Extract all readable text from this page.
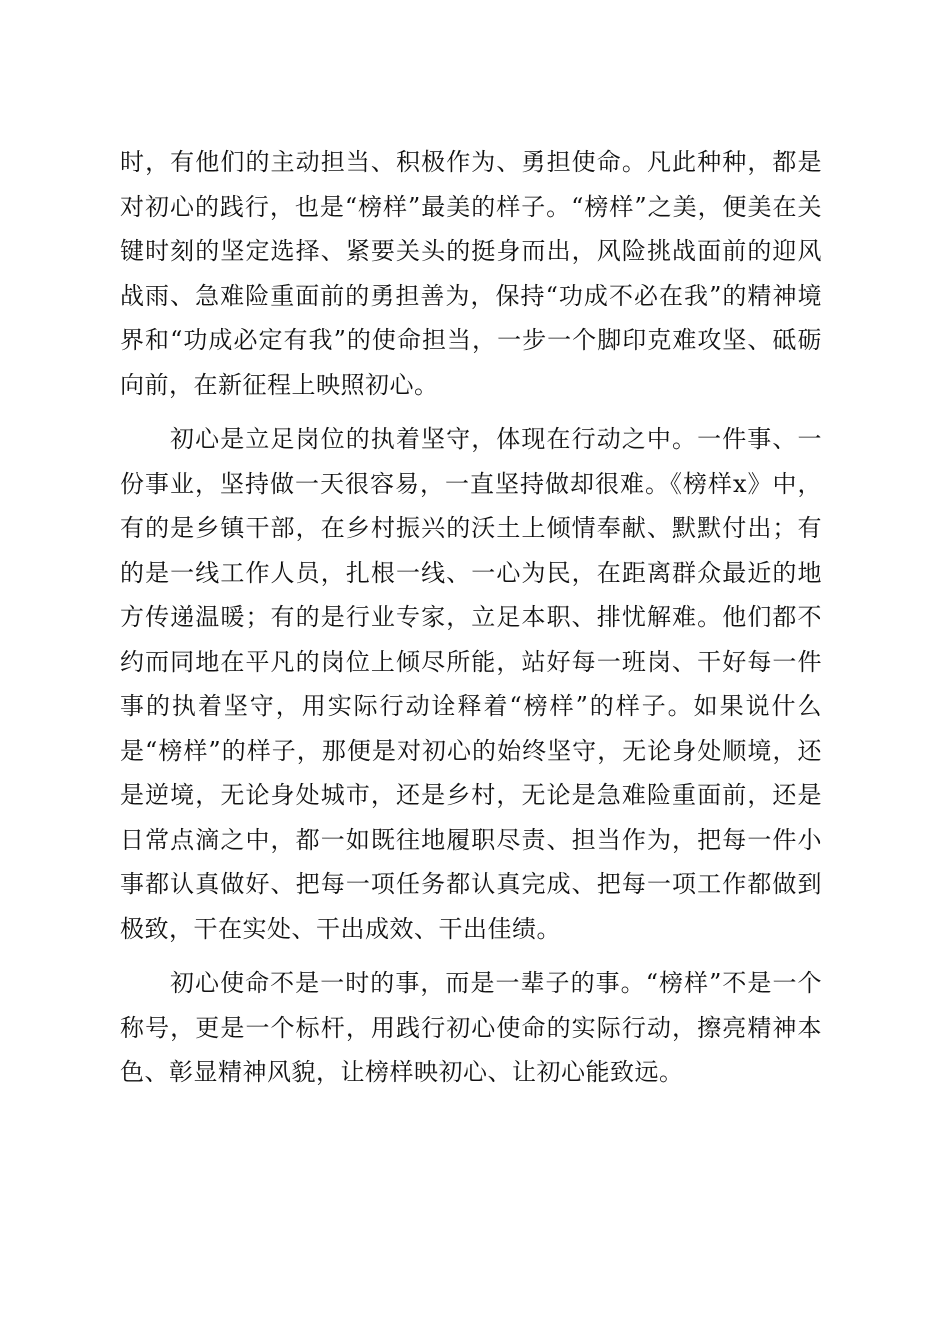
时，有他们的主动担当、积极作为、勇担使命。凡此种种，都是对初心的践行，也是“榜样”最美的样子。“榜样”之美，便美在关键时刻的坚定选择、紧要关头的挺身而出，风险挑战面前的迎风战雨、急难险重面前的勇担善为，保持“功成不必在我”的精神境界和“功成必定有我”的使命担当，一步一个脚印克难攻坚、砥砺向前，在新征程上映照初心。

初心是立足岗位的执着坚守，体现在行动之中。一件事、一份事业，坚持做一天很容易，一直坚持做却很难。《榜样x》中，有的是乡镇干部，在乡村振兴的沃土上倾情奉献、默默付出；有的是一线工作人员，扎根一线、一心为民，在距离群众最近的地方传递温暖；有的是行业专家，立足本职、排忧解难。他们都不约而同地在平凡的岗位上倾尽所能，站好每一班岗、干好每一件事的执着坚守，用实际行动诠释着“榜样”的样子。如果说什么是“榜样”的样子，那便是对初心的始终坚守，无论身处顺境，还是逆境，无论身处城市，还是乡村，无论是急难险重面前，还是日常点滴之中，都一如既往地履职尽责、担当作为，把每一件小事都认真做好、把每一项任务都认真完成、把每一项工作都做到极致，干在实处、干出成效、干出佳绩。

初心使命不是一时的事，而是一辈子的事。“榜样”不是一个称号，更是一个标杆，用践行初心使命的实际行动，擦亮精神本色、彰显精神风貌，让榜样映初心、让初心能致远。
